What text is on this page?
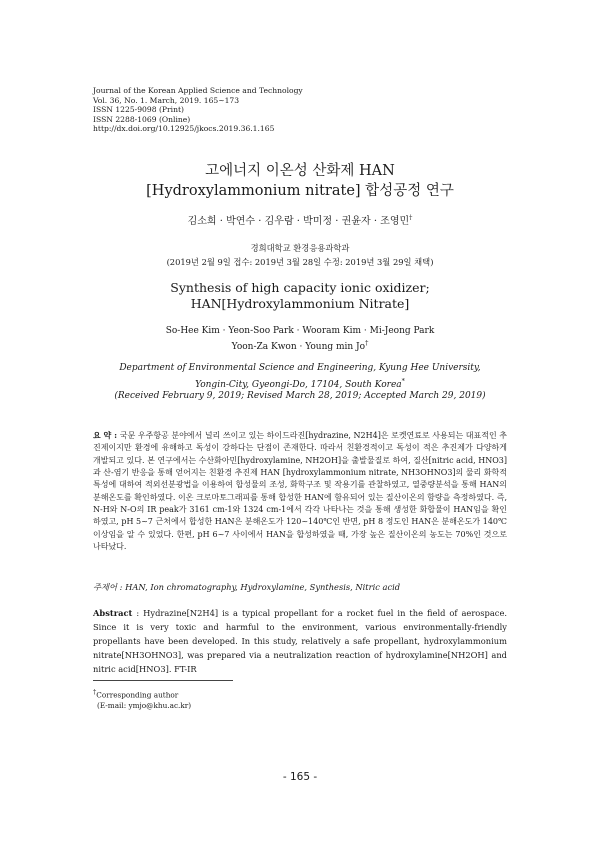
Journal of the Korean Applied Science and Technology
Vol. 36, No. 1. March, 2019. 165~173
ISSN 1225-9098 (Print)
ISSN 2288-1069 (Online)
http://dx.doi.org/10.12925/jkocs.2019.36.1.165
고에너지 이온성 산화제 HAN
[Hydroxylammonium nitrate] 합성공정 연구
김소희 · 박연수 · 김우람 · 박미정 · 권윤자 · 조영민†
경희대학교 환경응용과학과
(2019년 2월 9일 접수: 2019년 3월 28일 수정: 2019년 3월 29일 채택)
Synthesis of high capacity ionic oxidizer;
HAN[Hydroxylammonium Nitrate]
So-Hee Kim · Yeon-Soo Park · Wooram Kim · Mi-Jeong Park
Yoon-Za Kwon · Young min Jo†
Department of Environmental Science and Engineering, Kyung Hee University,
Yongin-City, Gyeongi-Do, 17104, South Korea*
(Received February 9, 2019; Revised March 28, 2019; Accepted March 29, 2019)
요 약 : 국문 우주항공 분야에서 널리 쓰이고 있는 하이드라진[hydrazine, N2H4]은 로켓연료로 사용되는 대표적인 추진제이지만 환경에 유해하고 독성이 강하다는 단점이 존재한다. 따라서 친환경적이고 독성이 적은 추진제가 다양하게 개발되고 있다. 본 연구에서는 수산화아민[hydroxylamine, NH2OH]을 출발물질로 하여, 질산[nitric acid, HNO3]과 산-염기 반응을 통해 얻어지는 친환경 추진제 HAN [hydroxylammonium nitrate, NH3OHNO3]의 물리 화학적 특성에 대하여 적외선분광법을 이용하여 합성물의 조성, 화학구조 및 작용기를 관찰하였고, 열중량분석을 통해 HAN의 분해온도를 확인하였다. 이온 크로마토그래피를 통해 합성한 HAN에 함유되어 있는 질산이온의 함량을 측정하였다. 즉, N-H와 N-O의 IR peak가 3161 cm-1와 1324 cm-1에서 각각 나타나는 것을 통해 생성한 화합물이 HAN임을 확인하였고, pH 5~7 근처에서 합성한 HAN은 분해온도가 120~140℃인 반면, pH 8 정도인 HAN은 분해온도가 140℃ 이상임을 알 수 있었다. 한편, pH 6~7 사이에서 HAN을 합성하였을 때, 가장 높은 질산이온의 농도는 70%인 것으로 나타났다.
주제어 : HAN, Ion chromatography, Hydroxylamine, Synthesis, Nitric acid
Abstract : Hydrazine[N2H4] is a typical propellant for a rocket fuel in the field of aerospace. Since it is very toxic and harmful to the environment, various environmentally-friendly propellants have been developed. In this study, relatively a safe propellant, hydroxylammonium nitrate[NH3OHNO3], was prepared via a neutralization reaction of hydroxylamine[NH2OH] and nitric acid[HNO3]. FT-IR
†Corresponding author
(E-mail: ymjo@khu.ac.kr)
- 165 -
